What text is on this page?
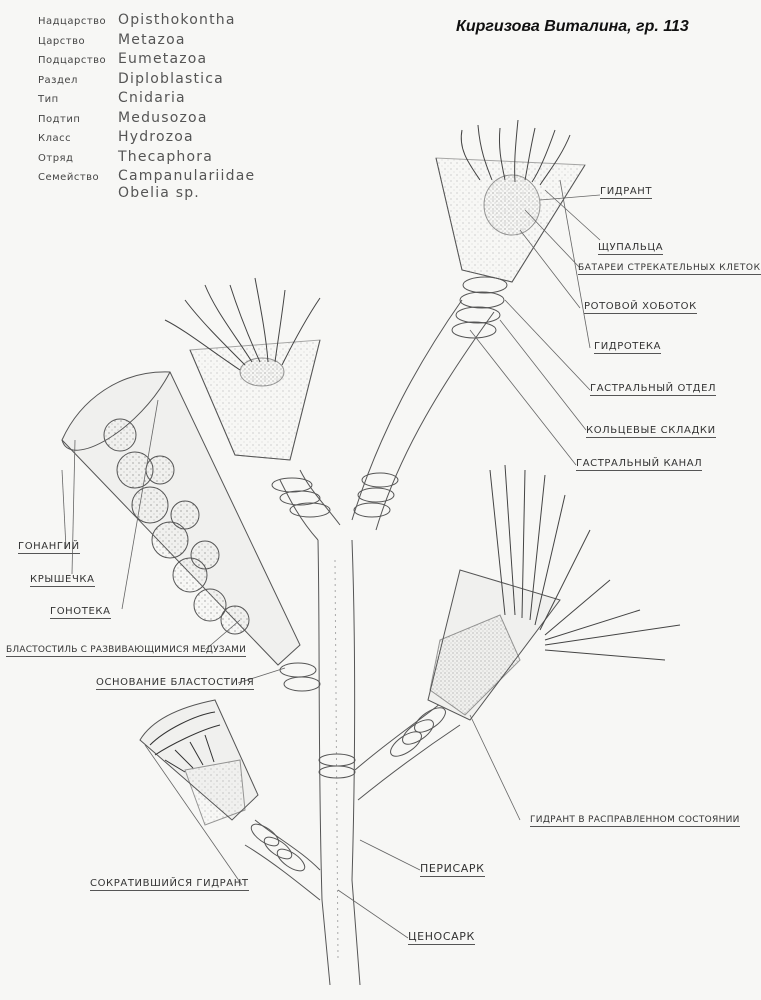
Киргизова Виталина, гр. 113
Надцарство Opisthokontha
Царство Metazoa
Подцарство Eumetazoa
Раздел	Diploblastica
Тип	Cnidaria
Подтип	Medusozoa
Класс	Hydrozoa
Отряд	Thecaphora
Семейство Campanulariidae
Obelia sp.	ГИДРАНТ
ЩУПАЛЬЦА
БАТАРЕИ СТРЕКАТЕЛЬНЫХ КЛЕТОК
РОТОВОЙ ХОБОТОК
ГИДРОТЕКА
ГАСТРАЛЬНЫЙ ОТДЕЛ
КОЛЬЦЕВЫЕ СКЛАДКИ
ГАСТРАЛЬНЫЙ КАНАЛ
ГОНАНГИЙ
КРЫШЕЧКА
ГОНОТЕКА
БЛАСТОСТИЛЬ С РАЗВИВАЮЩИМИСЯ МЕДУЗАМИ
ОСНОВАНИЕ БЛАСТОСТИЛЯ
ГИДРАНТ В РАСПРАВЛЕННОМ СОСТОЯНИИ
СОКРАТИВШИЙСЯ ГИДРАНТ
ПЕРИСАРК
ЦЕНОСАРК
